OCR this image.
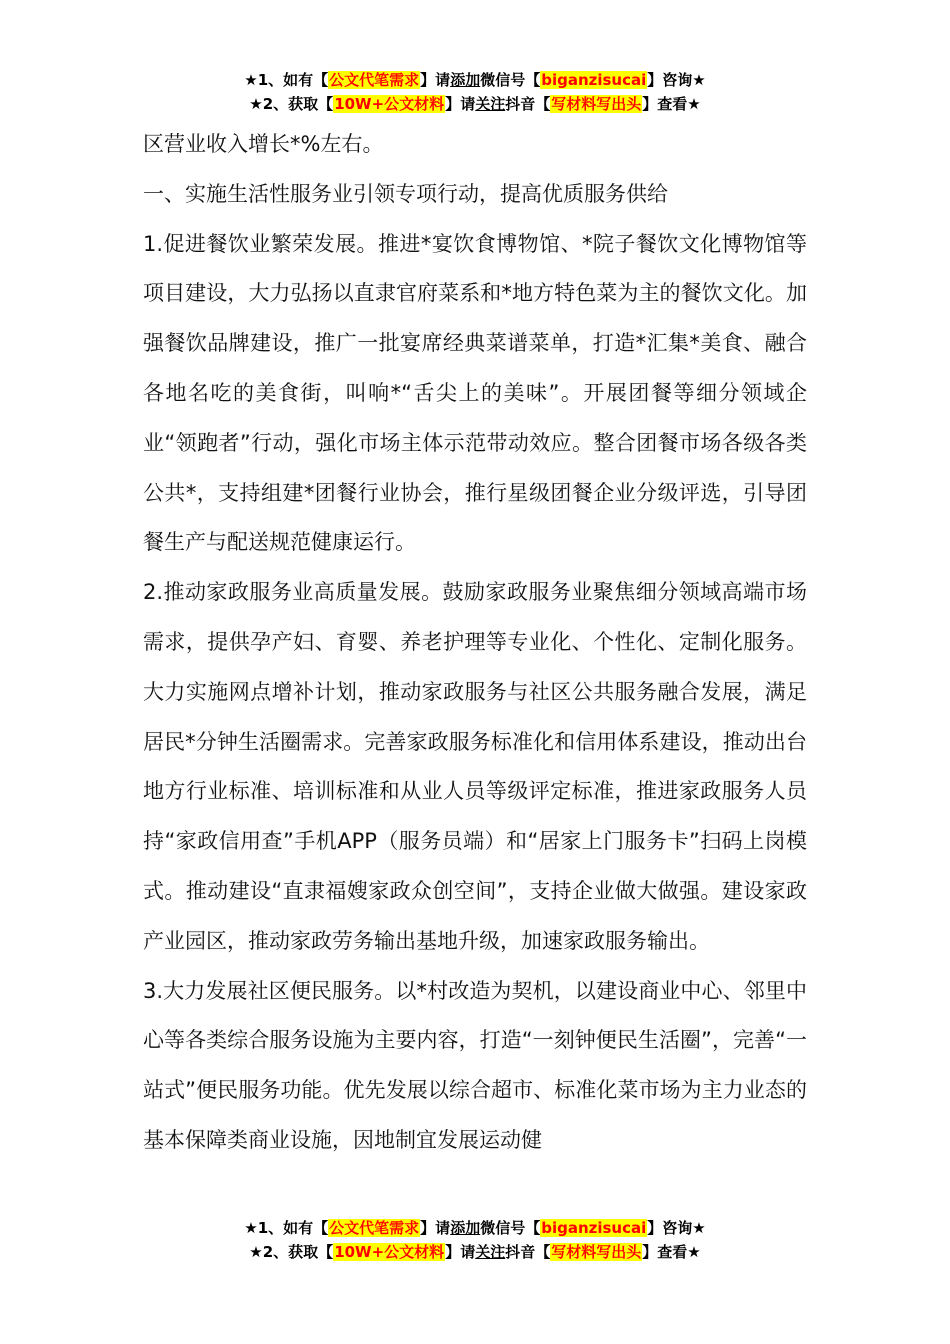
★1、如有【公文代笔需求】请添加微信号【biganzisucai】咨询★
★2、获取【10W+公文材料】请关注抖音【写材料写出头】查看★

区营业收入增长*%左右。

一、实施生活性服务业引领专项行动，提高优质服务供给

1.促进餐饮业繁荣发展。推进*宴饮食博物馆、*院子餐饮文化博物馆等项目建设，大力弘扬以直隶官府菜系和*地方特色菜为主的餐饮文化。加强餐饮品牌建设，推广一批宴席经典菜谱菜单，打造*汇集*美食、融合各地名吃的美食街，叫响*“舌尖上的美味”。开展团餐等细分领域企业“领跑者”行动，强化市场主体示范带动效应。整合团餐市场各级各类公共*，支持组建*团餐行业协会，推行星级团餐企业分级评选，引导团餐生产与配送规范健康运行。

2.推动家政服务业高质量发展。鼓励家政服务业聚焦细分领域高端市场需求，提供孕产妇、育婴、养老护理等专业化、个性化、定制化服务。大力实施网点增补计划，推动家政服务与社区公共服务融合发展，满足居民*分钟生活圈需求。完善家政服务标准化和信用体系建设，推动出台地方行业标准、培训标准和从业人员等级评定标准，推进家政服务人员持“家政信用查”手机APP（服务员端）和“居家上门服务卡”扫码上岗模式。推动建设“直隶福嫂家政众创空间”，支持企业做大做强。建设家政产业园区，推动家政劳务输出基地升级，加速家政服务输出。

3.大力发展社区便民服务。以*村改造为契机，以建设商业中心、邻里中心等各类综合服务设施为主要内容，打造“一刻钟便民生活圈”，完善“一站式”便民服务功能。优先发展以综合超市、标准化菜市场为主力业态的基本保障类商业设施，因地制宜发展运动健

★1、如有【公文代笔需求】请添加微信号【biganzisucai】咨询★
★2、获取【10W+公文材料】请关注抖音【写材料写出头】查看★
